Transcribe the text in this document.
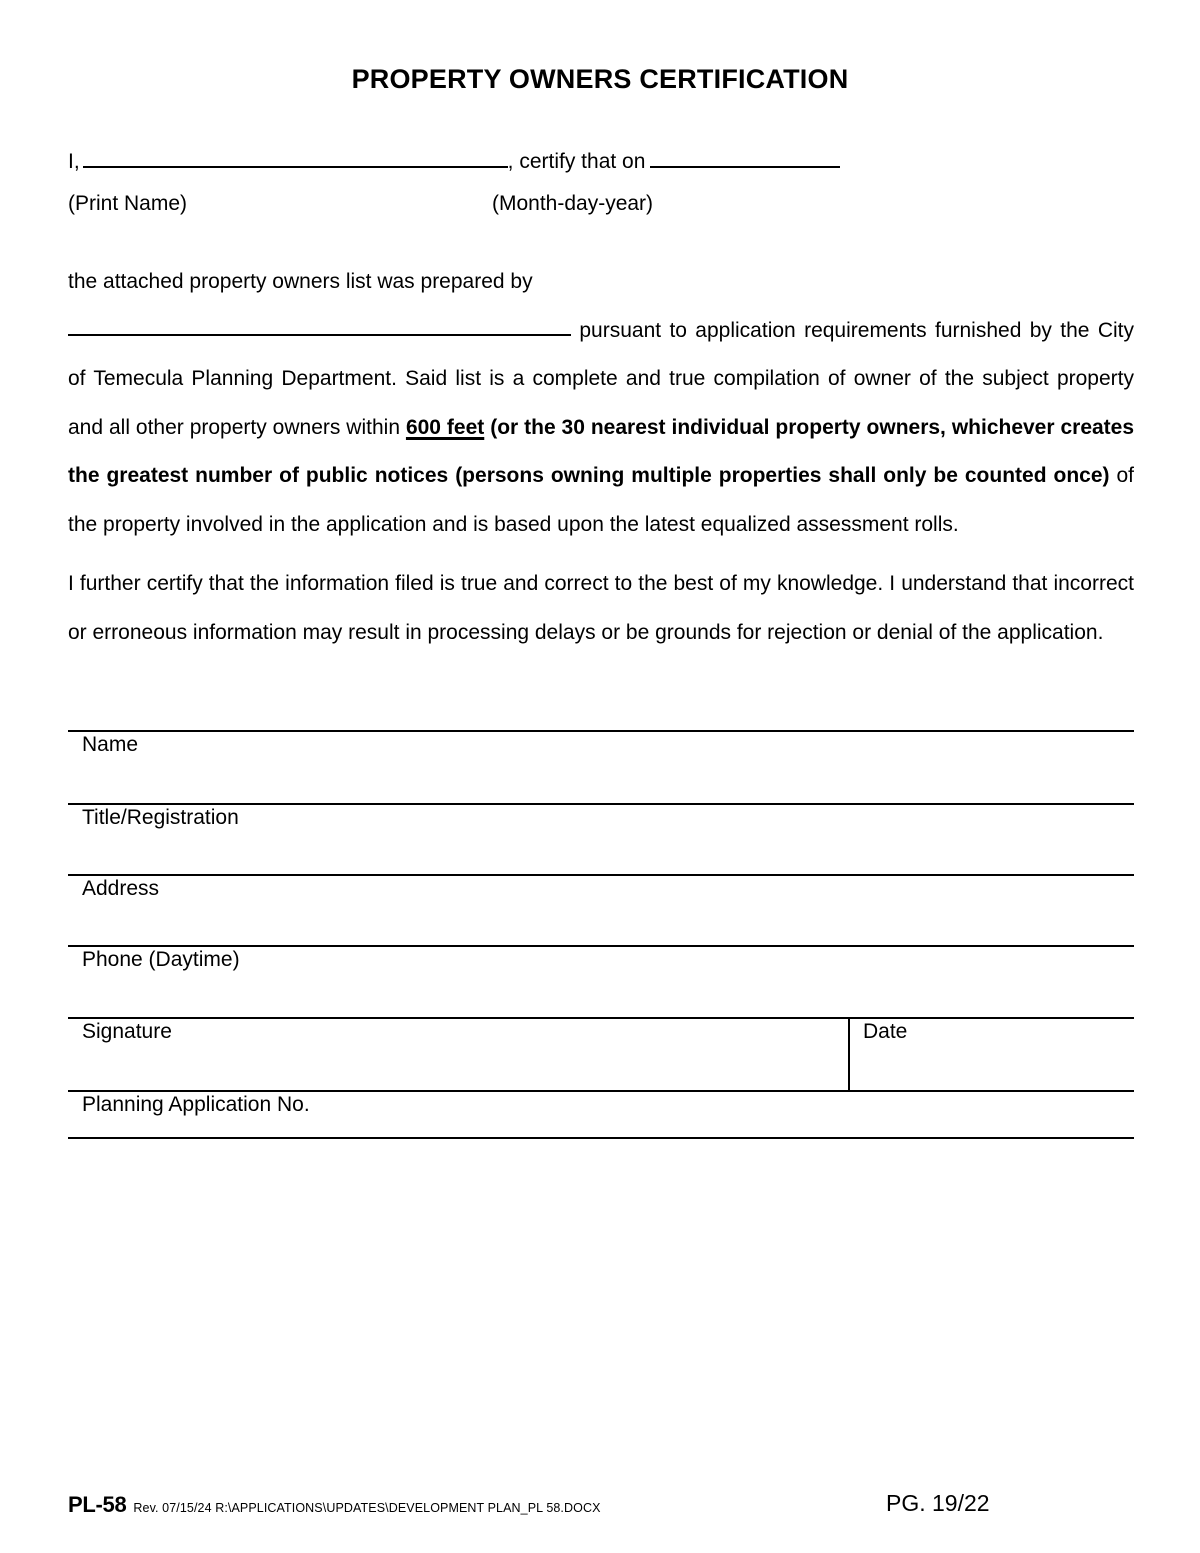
PROPERTY OWNERS CERTIFICATION
I,	, certify that on
(Print Name)	(Month-day-year)

the attached property owners list was prepared by
pursuant to application requirements furnished by the City of Temecula Planning Department. Said list is a complete and true compilation of owner of the subject property and all other property owners within 600 feet (or the 30 nearest individual property owners, whichever creates the greatest number of public notices (persons owning multiple properties shall only be counted once) of the property involved in the application and is based upon the latest equalized assessment rolls.

I further certify that the information filed is true and correct to the best of my knowledge. I understand that incorrect or erroneous information may result in processing delays or be grounds for rejection or denial of the application.

Name
Title/Registration
Address
Phone (Daytime)
Signature	Date
Planning Application No.
PL-58 Rev. 07/15/24 R:\APPLICATIONS\UPDATES\DEVELOPMENT PLAN_PL 58.DOCX	PG. 19/22
